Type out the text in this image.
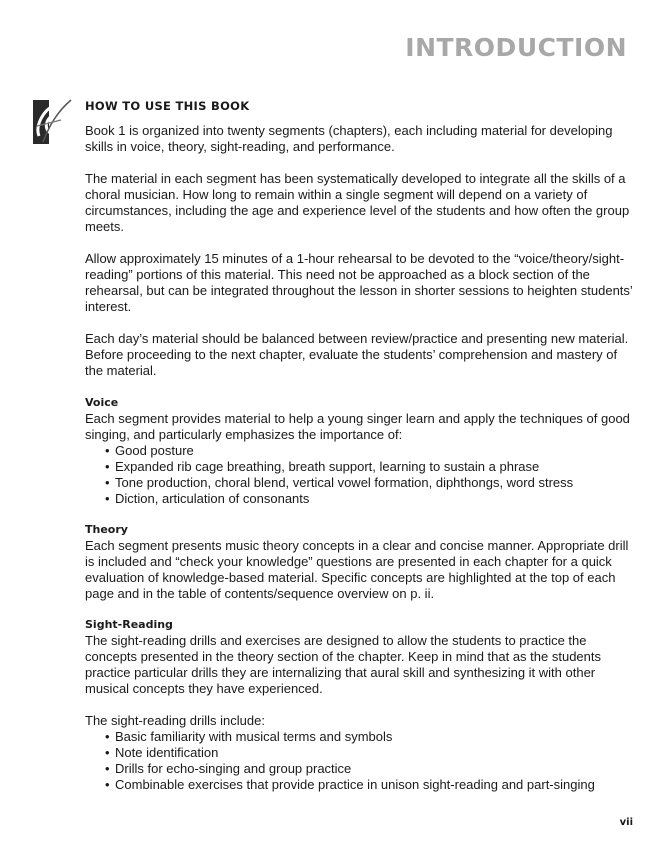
INTRODUCTION
HOW TO USE THIS BOOK

Book 1 is organized into twenty segments (chapters), each including material for developing skills in voice, theory, sight-reading, and performance.

The material in each segment has been systematically developed to integrate all the skills of a choral musician. How long to remain within a single segment will depend on a variety of circumstances, including the age and experience level of the students and how often the group meets.

Allow approximately 15 minutes of a 1-hour rehearsal to be devoted to the “voice/theory/sight-reading” portions of this material. This need not be approached as a block section of the rehearsal, but can be integrated throughout the lesson in shorter sessions to heighten students’ interest.

Each day’s material should be balanced between review/practice and presenting new material. Before proceeding to the next chapter, evaluate the students’ comprehension and mastery of the material.

Voice

Each segment provides material to help a young singer learn and apply the techniques of good singing, and particularly emphasizes the importance of:

• Good posture
• Expanded rib cage breathing, breath support, learning to sustain a phrase
• Tone production, choral blend, vertical vowel formation, diphthongs, word stress
• Diction, articulation of consonants
Theory

Each segment presents music theory concepts in a clear and concise manner. Appropriate drill is included and “check your knowledge” questions are presented in each chapter for a quick evaluation of knowledge-based material. Specific concepts are highlighted at the top of each page and in the table of contents/sequence overview on p. ii.

Sight-Reading

The sight-reading drills and exercises are designed to allow the students to practice the concepts presented in the theory section of the chapter. Keep in mind that as the students practice particular drills they are internalizing that aural skill and synthesizing it with other musical concepts they have experienced.

The sight-reading drills include:

• Basic familiarity with musical terms and symbols
• Note identification
• Drills for echo-singing and group practice
• Combinable exercises that provide practice in unison sight-reading and part-singing
vii
